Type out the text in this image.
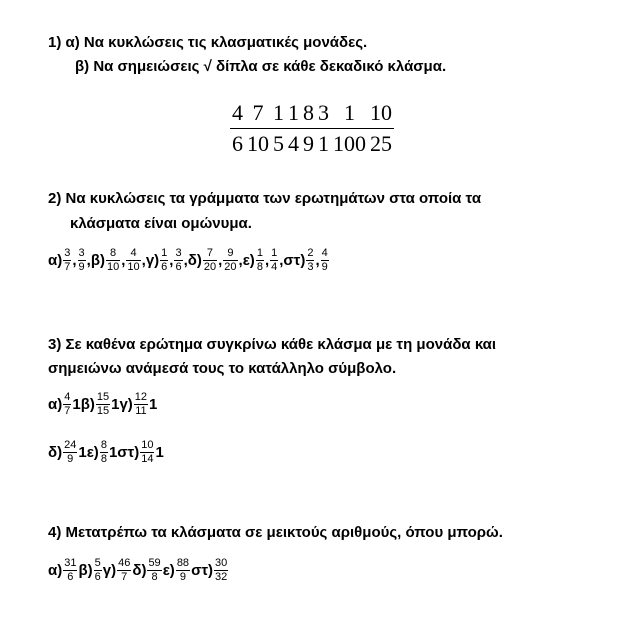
1) α) Να κυκλώσεις τις κλασματικές μονάδες.
β) Να σημειώσεις √ δίπλα σε κάθε δεκαδικό κλάσμα.
4
6
7
10
1
5
1
4
8
9
3
1
1
100
10
25
2) Να κυκλώσεις τα γράμματα των ερωτημάτων στα οποία τα
κλάσματα είναι ομώνυμα.
α) 3
7 , 3
9 , β) 8
10 , 4
10 , γ) 1
6 , 3
6 , δ) 7
20 , 9
20 , ε) 1
8 , 1
4 , στ) 2
3 , 4
9
3) Σε καθένα ερώτημα συγκρίνω κάθε κλάσμα με τη μονάδα και
σημειώνω ανάμεσά τους το κατάλληλο σύμβολο.
α) 4
7 1 β) 15
15 1 γ) 12
11 1
δ) 24
9 1 ε) 8
8 1 στ) 10
14 1
4) Μετατρέπω τα κλάσματα σε μεικτούς αριθμούς, όπου μπορώ.
α) 31
6 β) 5
6 γ) 46
7 δ) 59
8 ε) 88
9 στ) 30
32
